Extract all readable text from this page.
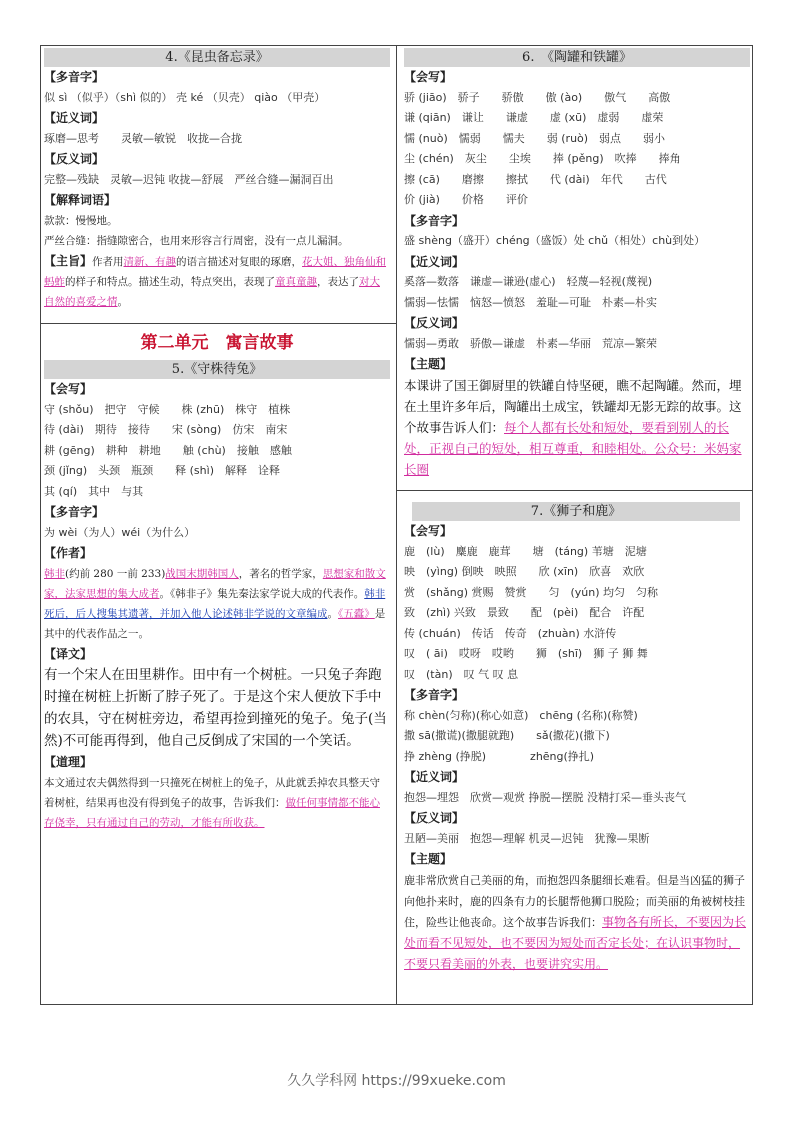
4.《昆虫备忘录》
【多音字】
似 sì （似乎）（shì 似的） 壳 ké （贝壳） qiào （甲壳）
【近义词】
琢磨—思考　　灵敏—敏锐　收拢—合拢
【反义词】
完整—残缺　灵敏—迟钝 收拢—舒展　严丝合缝—漏洞百出
【解释词语】
款款：慢慢地。
严丝合缝：指缝隙密合，也用来形容言行周密，没有一点儿漏洞。
【主旨】作者用清新、有趣的语言描述对复眼的琢磨，花大姐、独角仙和蚂蚱的样子和特点。描述生动，特点突出，表现了童真童趣，表达了对大自然的喜爱之情。
第二单元　寓言故事
5.《守株待兔》
【会写】
守 (shǒu)　把守　守候　　株 (zhū)　株守　植株
待 (dài)　期待　接待　　宋 (sòng)　仿宋　南宋
耕 (gēng)　耕种　耕地　　触 (chù)　接触　感触
颈 (jǐng)　头颈　瓶颈　　释 (shì)　解释　诠释
其 (qí)　其中　与其
【多音字】
为 wèi（为人）wéi（为什么）
【作者】
韩非(约前 280 一前 233)战国末期韩国人，著名的哲学家，思想家和散文家，法家思想的集大成者。《韩非子》集先秦法家学说大成的代表作。韩非死后，后人搜集其遗著，并加入他人论述韩非学说的文章编成。《五蠹》是其中的代表作品之一。
【译文】
有一个宋人在田里耕作。田中有一个树桩。一只兔子奔跑时撞在树桩上折断了脖子死了。于是这个宋人便放下手中的农具，守在树桩旁边，希望再捡到撞死的兔子。兔子(当然)不可能再得到，他自己反倒成了宋国的一个笑话。
【道理】
本文通过农夫偶然得到一只撞死在树桩上的兔子，从此就丢掉农具整天守着树桩，结果再也没有得到兔子的故事，告诉我们：做任何事情都不能心存侥幸，只有通过自己的劳动，才能有所收获。
6.　《陶罐和铁罐》
【会写】
骄 (jiāo)　骄子　　骄傲　　傲 (ào)　　傲气　　高傲
谦 (qiān)　谦让　　谦虚　　虚 (xū)　虚弱　　虚荣
懦 (nuò)　懦弱　　懦夫　　弱 (ruò)　弱点　　弱小
尘 (chén)　灰尘　　尘埃　　捧 (pěng)　吹捧　　捧角
擦 (cā)　　磨擦　　擦拭　　代 (dài)　年代　　古代
价 (jià)　　价格　　评价
【多音字】
盛 shèng（盛开）chéng（盛饭）处 chǔ（相处）chù到处）
【近义词】
奚落—数落　谦虚—谦逊(虚心)　轻蔑—轻视(蔑视)
懦弱—怯懦　恼怒—愤怒　羞耻—可耻　朴素—朴实
【反义词】
懦弱—勇敢　骄傲—谦虚　朴素—华丽　荒凉—繁荣
【主题】
本课讲了国王御厨里的铁罐自恃坚硬，瞧不起陶罐。然而，埋在土里许多年后，陶罐出土成宝，铁罐却无影无踪的故事。这个故事告诉人们：每个人都有长处和短处，要看到别人的长处，正视自己的短处，相互尊重，和睦相处。公众号：米妈家长圈
7.《狮子和鹿》
【会写】
鹿　(lù)　麋鹿　鹿茸　　塘　(táng) 苇塘　泥塘
映　(yìng) 倒映　映照　　欣 (xīn)　欣喜　欢欣
赏　(shǎng) 赏赐　赞赏　　匀　(yún) 均匀　匀称
致　(zhì) 兴致　景致　　配　(pèi)　配合　许配
传 (chuán)　传话　传奇　(zhuàn) 水浒传
叹　( āi)　哎呀　哎哟　　狮　(shī)　狮 子 狮 舞
叹　(tàn)　叹 气 叹 息
【多音字】
称 chèn(匀称)(称心如意)　chēng (名称)(称赞)
撒 sā(撒谎)(撒腿就跑)　　sǎ(撒花)(撒下)
挣 zhèng (挣脱)　　　　zhēng(挣扎)
【近义词】
抱怨—埋怨　欣赏—观赏 挣脱—摆脱 没精打采—垂头丧气
【反义词】
丑陋—美丽　抱怨—理解 机灵—迟钝　犹豫—果断
【主题】
鹿非常欣赏自己美丽的角，而抱怨四条腿细长难看。但是当凶猛的狮子向他扑来时，鹿的四条有力的长腿帮他狮口脱险；而美丽的角被树枝挂住，险些让他丧命。这个故事告诉我们：事物各有所长，不要因为长处而看不见短处，也不要因为短处而否定长处；在认识事物时，不要只看美丽的外表，也要讲究实用。
久久学科网 https://99xueke.com
